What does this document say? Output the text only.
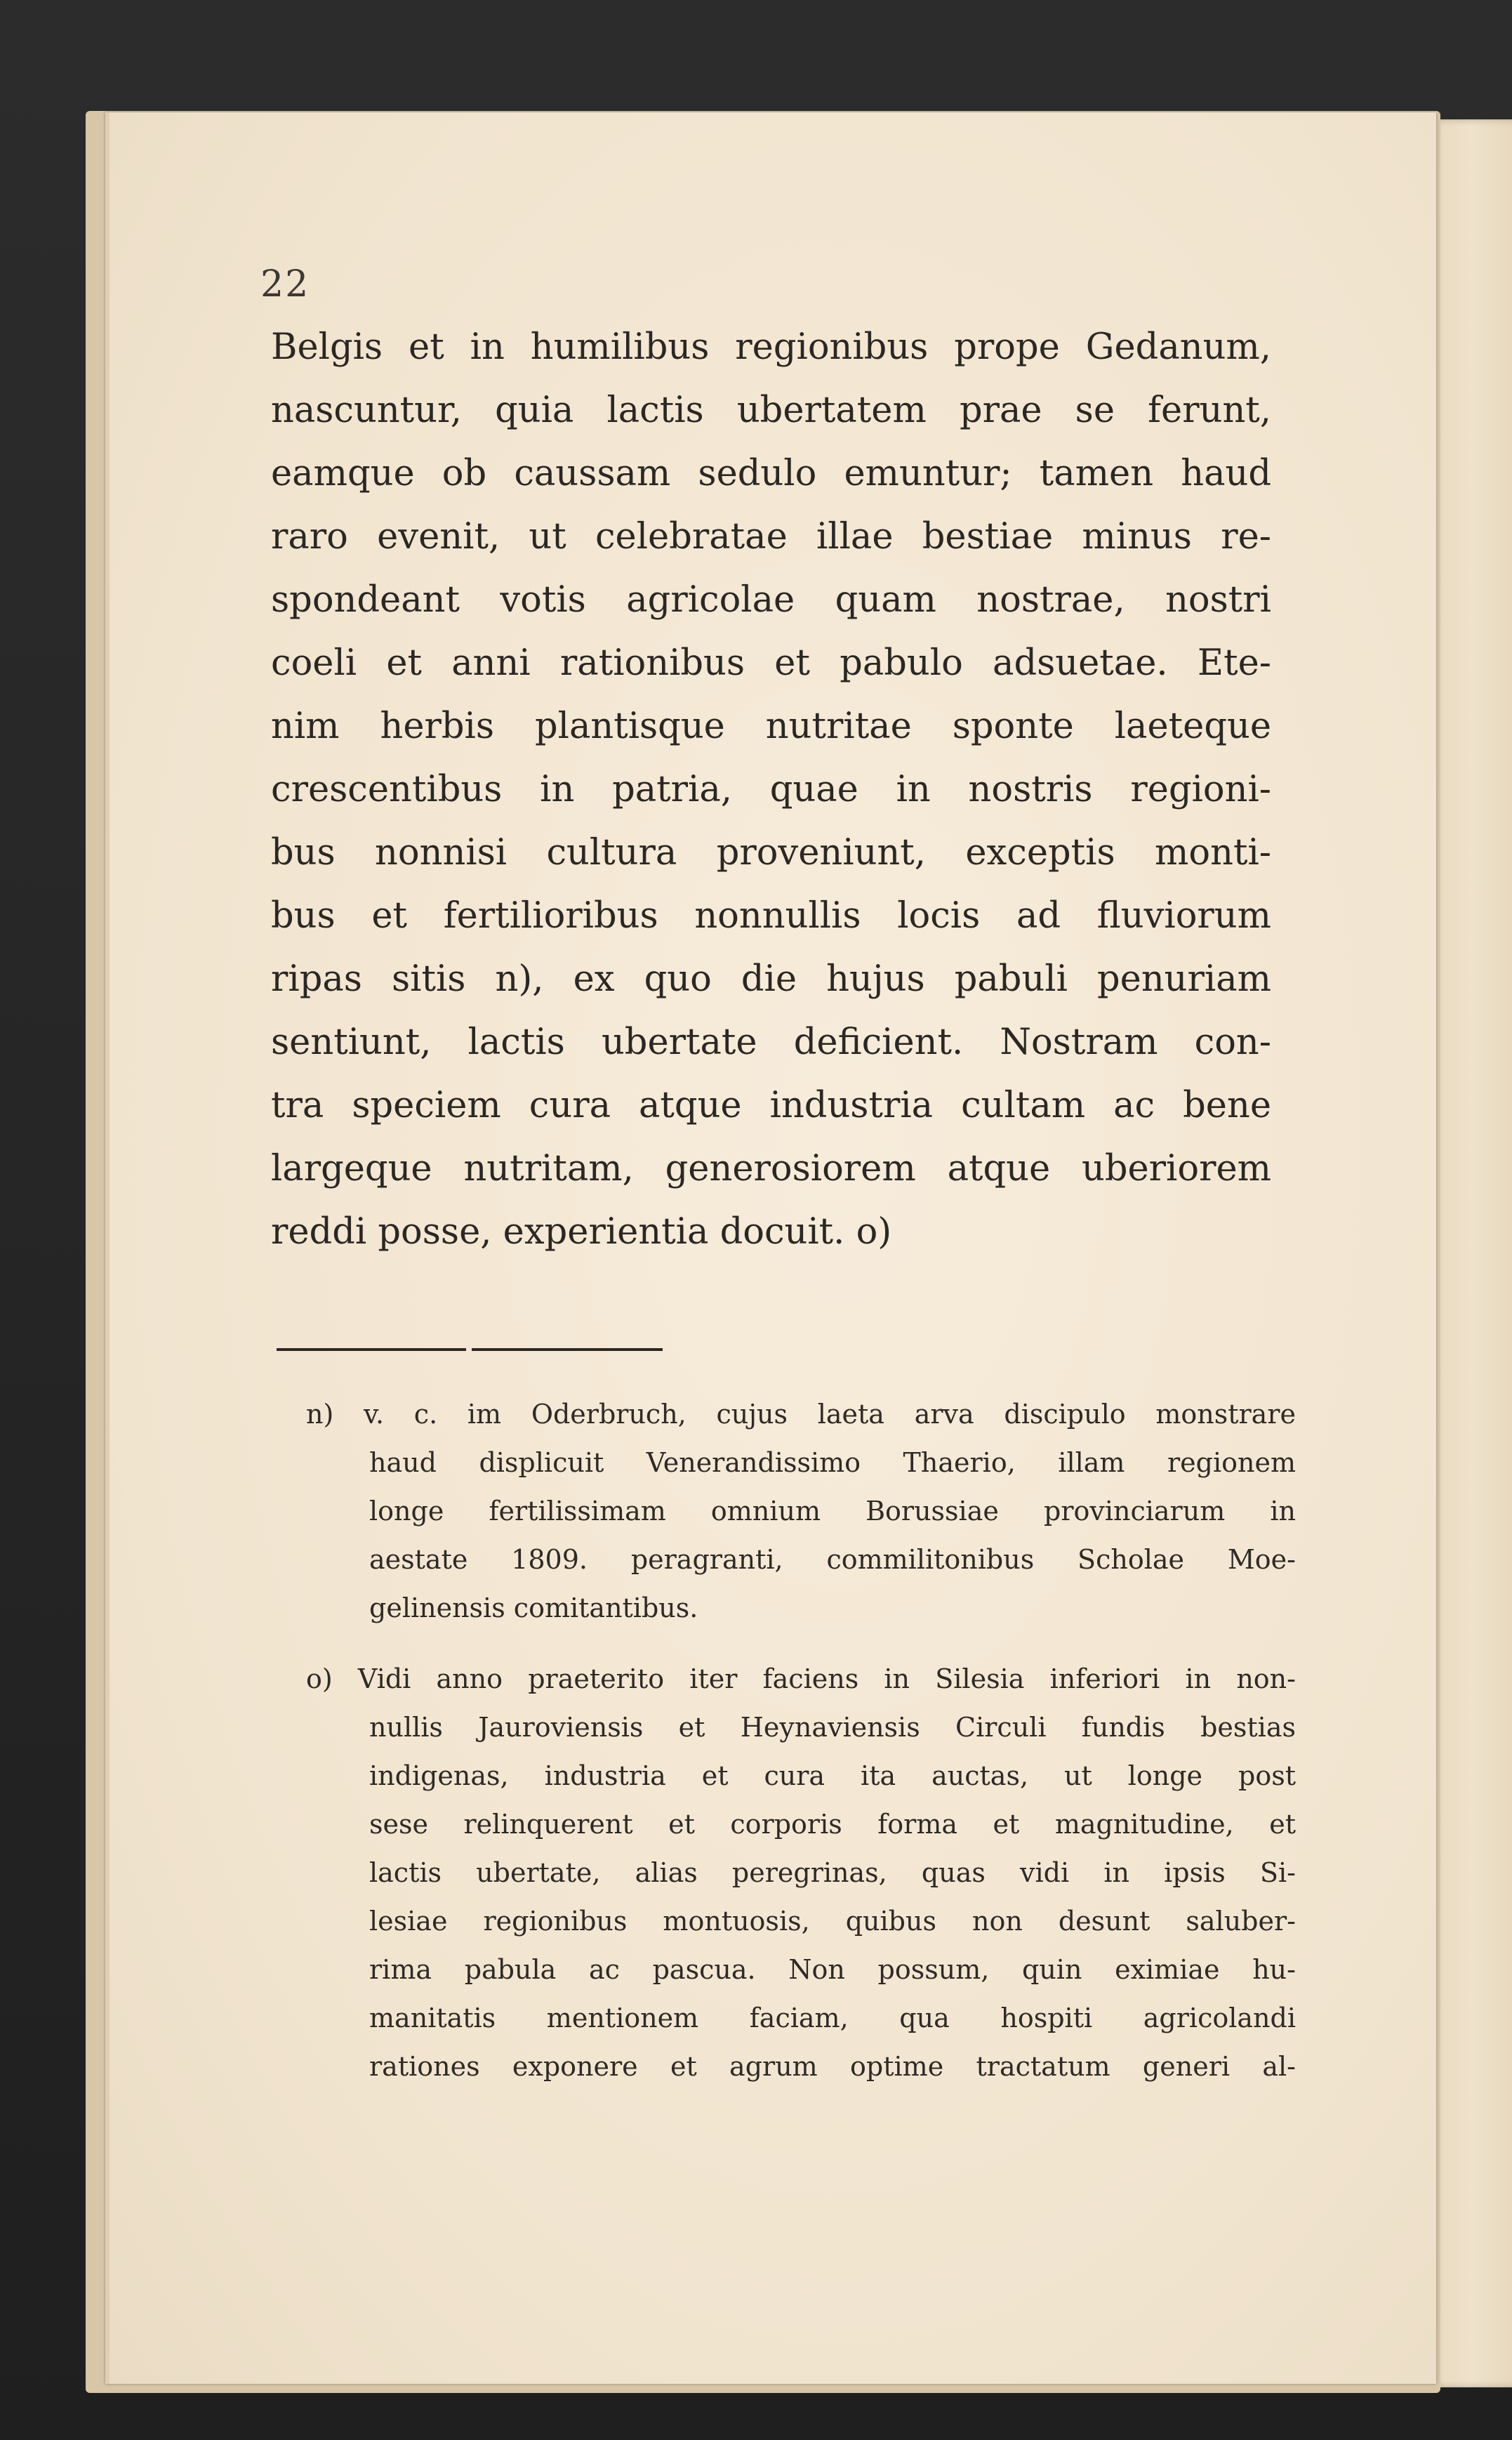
22
Belgis et in humilibus regionibus prope Gedanum,
nascuntur, quia lactis ubertatem prae se ferunt,
eamque ob caussam sedulo emuntur; tamen haud
raro evenit, ut celebratae illae bestiae minus re-
spondeant votis agricolae quam nostrae, nostri
coeli et anni rationibus et pabulo adsuetae. Ete-
nim herbis plantisque nutritae sponte laeteque
crescentibus in patria, quae in nostris regioni-
bus nonnisi cultura proveniunt, exceptis monti-
bus et fertilioribus nonnullis locis ad fluviorum
ripas sitis n), ex quo die hujus pabuli penuriam
sentiunt, lactis ubertate deficient. Nostram con-
tra speciem cura atque industria cultam ac bene
largeque nutritam, generosiorem atque uberiorem
reddi posse, experientia docuit. o)
n) v. c. im Oderbruch, cujus laeta arva discipulo monstrare
haud displicuit Venerandissimo Thaerio, illam regionem
longe fertilissimam omnium Borussiae provinciarum in
aestate 1809. peragranti, commilitonibus Scholae Moe-
gelinensis comitantibus.
o) Vidi anno praeterito iter faciens in Silesia inferiori in non-
nullis Jauroviensis et Heynaviensis Circuli fundis bestias
indigenas, industria et cura ita auctas, ut longe post
sese relinquerent et corporis forma et magnitudine, et
lactis ubertate, alias peregrinas, quas vidi in ipsis Si-
lesiae regionibus montuosis, quibus non desunt saluber-
rima pabula ac pascua. Non possum, quin eximiae hu-
manitatis mentionem faciam, qua hospiti agricolandi
rationes exponere et agrum optime tractatum generi al-
